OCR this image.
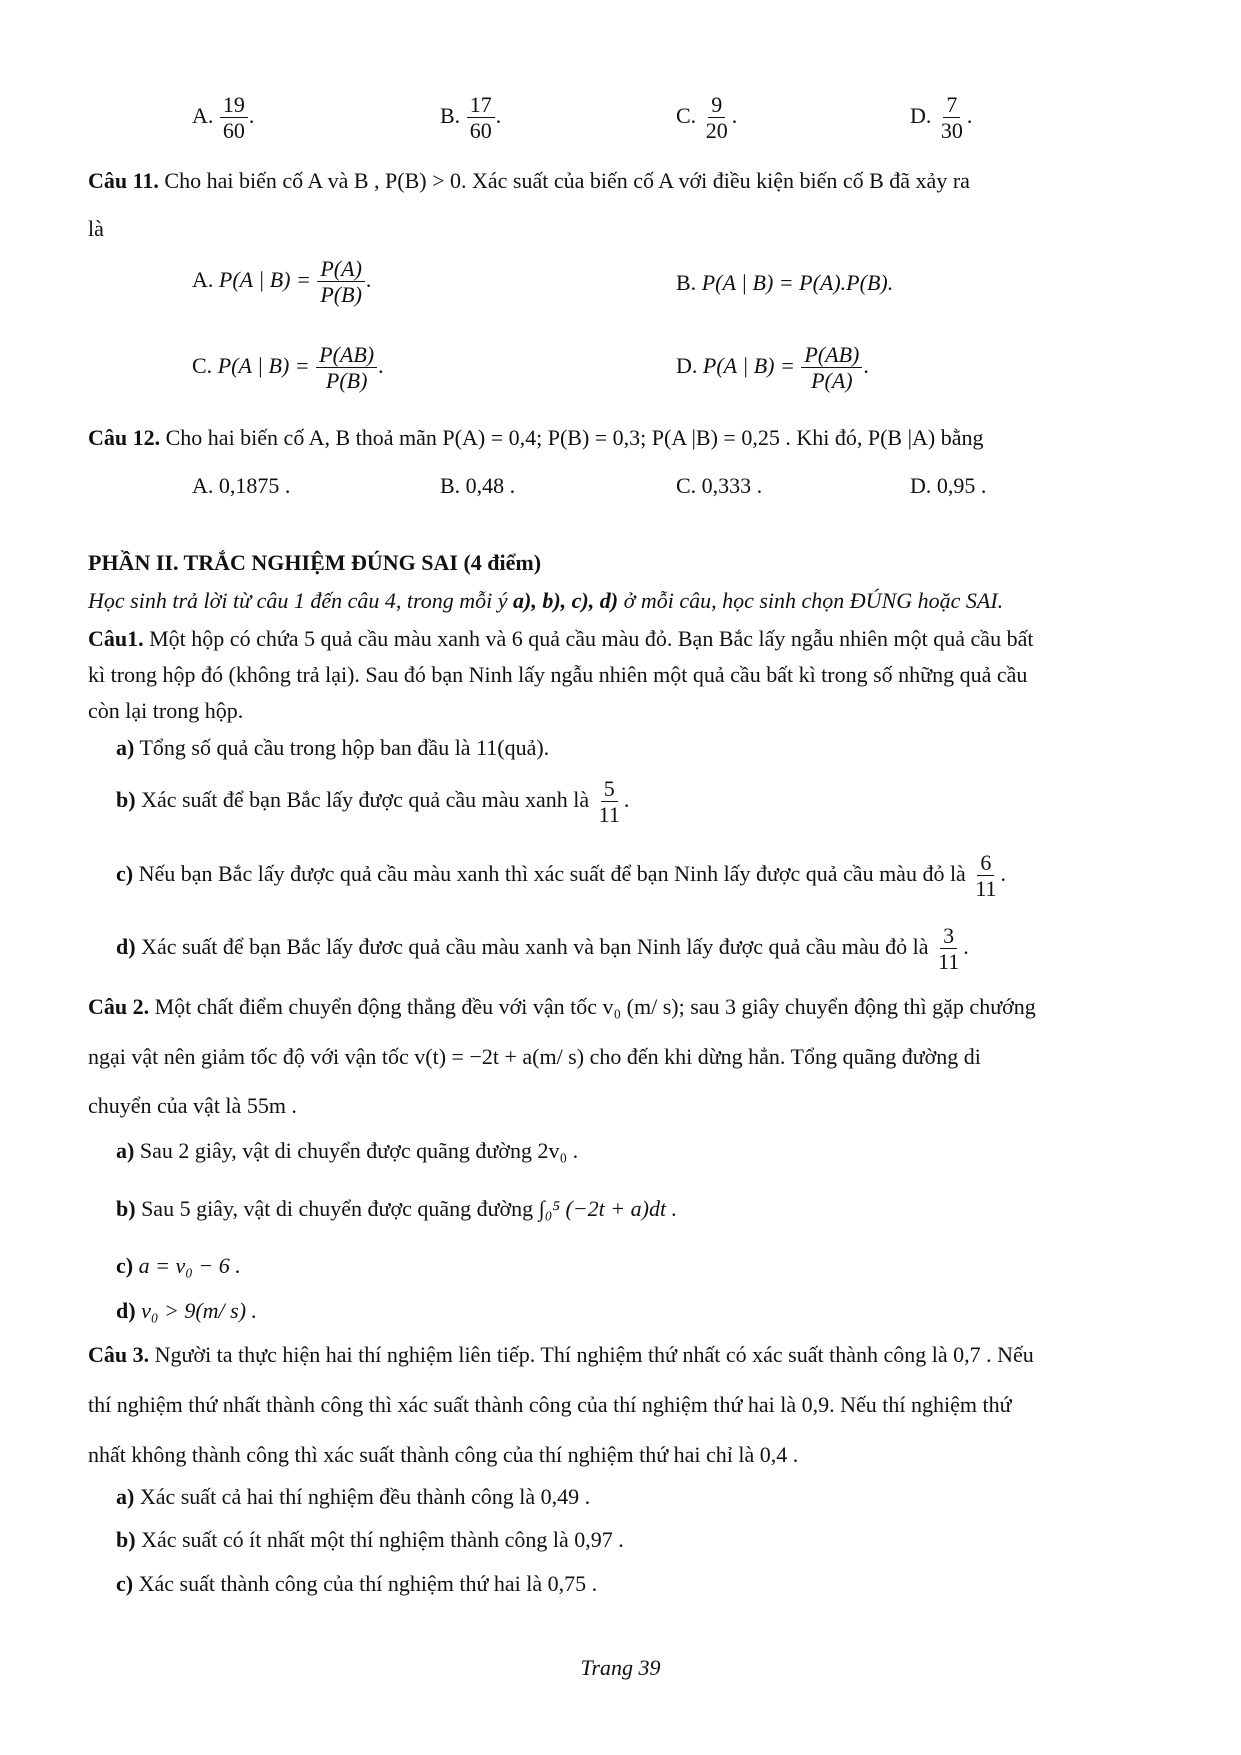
A. $\frac{19}{60}$ .	B. $\frac{17}{60}$ .	C. $\frac{9}{20}$ .	D. $\frac{7}{30}$ .
Câu 11. Cho hai biến cố A và B , P(B) > 0. Xác suất của biến cố A với điều kiện biến cố B đã xảy ra
là
A. P(A | $B) = \frac{P(A)}{P(B)}$ .	B. P(A | B) = P(A).P(B).
C. P(A | $B) = \frac{P(AB)}{P(B)}$ .	D. P(A | $B) = \frac{P(AB)}{P(A)}$ .
Câu 12. Cho hai biến cố A, B thoả mãn P(A) = 0,4; P(B) = 0,3; P(A |B) = 0,25 . Khi đó, P(B |A) bằng
A. 0,1875 .	B. 0,48 .	C. 0,333 .	D. 0,95 .
PHẦN II. TRẮC NGHIỆM ĐÚNG SAI (4 điểm)
Học sinh trả lời từ câu 1 đến câu 4, trong mỗi ý a), b), c), d) ở mỗi câu, học sinh chọn ĐÚNG hoặc SAI.
Câu1. Một hộp có chứa 5 quả cầu màu xanh và 6 quả cầu màu đỏ. Bạn Bắc lấy ngẫu nhiên một quả cầu bất
kì trong hộp đó (không trả lại). Sau đó bạn Ninh lấy ngẫu nhiên một quả cầu bất kì trong số những quả cầu
còn lại trong hộp.
a) Tổng số quả cầu trong hộp ban đầu là 11(quả).
b) Xác suất để bạn Bắc lấy được quả cầu màu xanh là $\frac{5}{11}$ .
c) Nếu bạn Bắc lấy được quả cầu màu xanh thì xác suất để bạn Ninh lấy được quả cầu màu đỏ là $\frac{6}{11}$ .
d) Xác suất để bạn Bắc lấy đươc quả cầu màu xanh và bạn Ninh lấy được quả cầu màu đỏ là $\frac{3}{11}$ .
Câu 2. Một chất điểm chuyển động thẳng đều với vận tốc v₀ (m/ s); sau 3 giây chuyển động thì gặp chướng
ngại vật nên giảm tốc độ với vận tốc v(t) = −2t + a(m/ s) cho đến khi dừng hẳn. Tổng quãng đường di
chuyển của vật là 55m .
a) Sau 2 giây, vật di chuyển được quãng đường 2v₀ .
b) Sau 5 giây, vật di chuyển được quãng đường ∫₀⁵ (−2t + a)dt .
c) a = v₀ − 6 .
d) v₀ > 9(m/ s) .
Câu 3. Người ta thực hiện hai thí nghiệm liên tiếp. Thí nghiệm thứ nhất có xác suất thành công là 0,7 . Nếu
thí nghiệm thứ nhất thành công thì xác suất thành công của thí nghiệm thứ hai là 0,9. Nếu thí nghiệm thứ
nhất không thành công thì xác suất thành công của thí nghiệm thứ hai chỉ là 0,4 .
a) Xác suất cả hai thí nghiệm đều thành công là 0,49 .
b) Xác suất có ít nhất một thí nghiệm thành công là 0,97 .
c) Xác suất thành công của thí nghiệm thứ hai là 0,75 .
Trang 39
